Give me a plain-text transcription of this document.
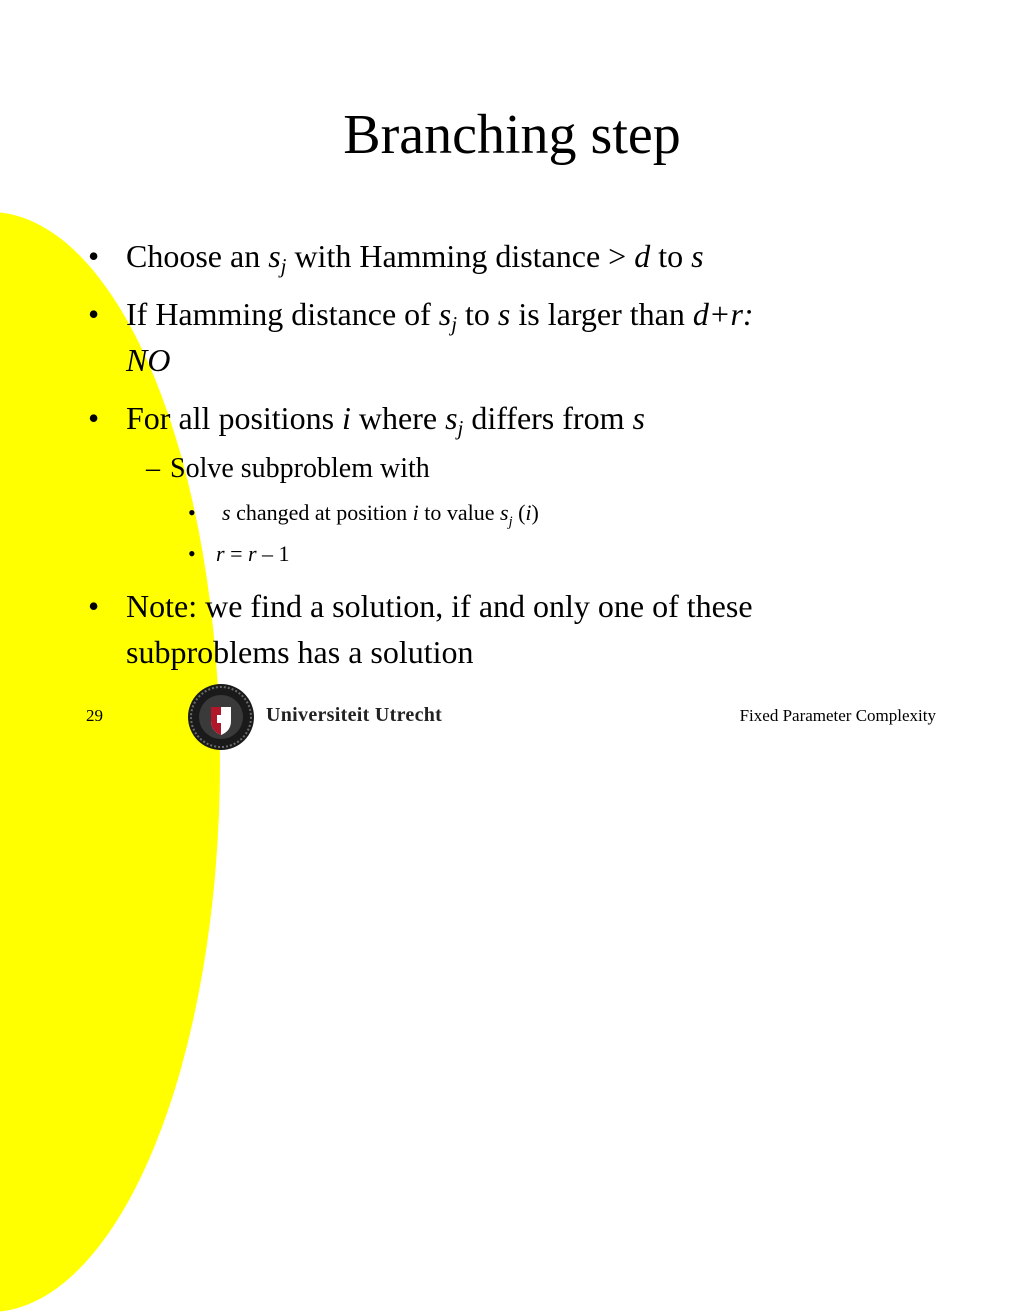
Branching step
• Choose an $s_j$ with Hamming distance > d to s
• If Hamming distance of $s_j$ to s is larger than d+r:
NO
• For all positions i where $s_j$ differs from s
– Solve subproblem with
• s changed at position i to value $s_j$ (i)
• r = r – 1
• Note: we find a solution, if and only one of these
subproblems has a solution
29	Universiteit Utrecht	Fixed Parameter Complexity
